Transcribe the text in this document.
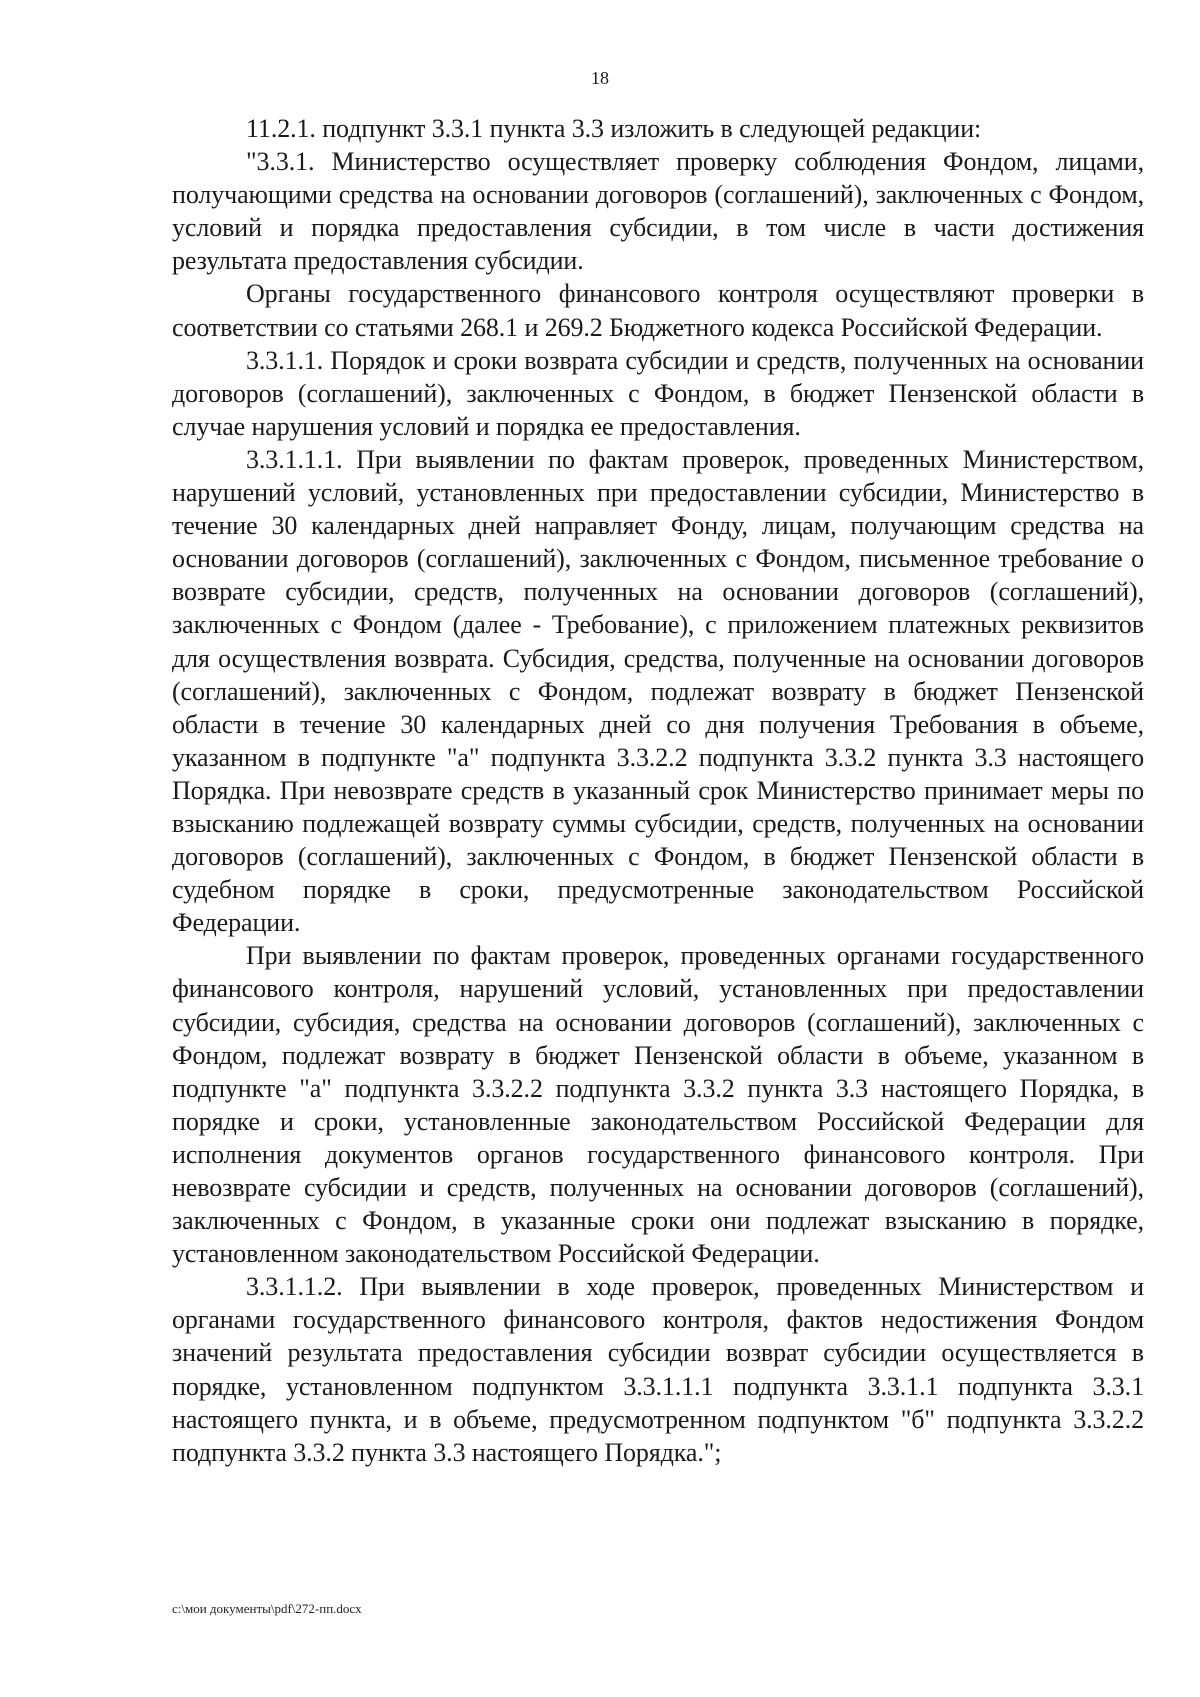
18

11.2.1. подпункт 3.3.1 пункта 3.3 изложить в следующей редакции:

"3.3.1. Министерство осуществляет проверку соблюдения Фондом, лицами, получающими средства на основании договоров (соглашений), заключенных с Фондом, условий и порядка предоставления субсидии, в том числе в части достижения результата предоставления субсидии.

Органы государственного финансового контроля осуществляют проверки в соответствии со статьями 268.1 и 269.2 Бюджетного кодекса Российской Федерации.

3.3.1.1. Порядок и сроки возврата субсидии и средств, полученных на основании договоров (соглашений), заключенных с Фондом, в бюджет Пензенской области в случае нарушения условий и порядка ее предоставления.

3.3.1.1.1. При выявлении по фактам проверок, проведенных Министерством, нарушений условий, установленных при предоставлении субсидии, Министерство в течение 30 календарных дней направляет Фонду, лицам, получающим средства на основании договоров (соглашений), заключенных с Фондом, письменное требование о возврате субсидии, средств, полученных на основании договоров (соглашений), заключенных с Фондом (далее - Требование), с приложением платежных реквизитов для осуществления возврата. Субсидия, средства, полученные на основании договоров (соглашений), заключенных с Фондом, подлежат возврату в бюджет Пензенской области в течение 30 календарных дней со дня получения Требования в объеме, указанном в подпункте "а" подпункта 3.3.2.2 подпункта 3.3.2 пункта 3.3 настоящего Порядка. При невозврате средств в указанный срок Министерство принимает меры по взысканию подлежащей возврату суммы субсидии, средств, полученных на основании договоров (соглашений), заключенных с Фондом, в бюджет Пензенской области в судебном порядке в сроки, предусмотренные законодательством Российской Федерации.

При выявлении по фактам проверок, проведенных органами государственного финансового контроля, нарушений условий, установленных при предоставлении субсидии, субсидия, средства на основании договоров (соглашений), заключенных с Фондом, подлежат возврату в бюджет Пензенской области в объеме, указанном в подпункте "а" подпункта 3.3.2.2 подпункта 3.3.2 пункта 3.3 настоящего Порядка, в порядке и сроки, установленные законодательством Российской Федерации для исполнения документов органов государственного финансового контроля. При невозврате субсидии и средств, полученных на основании договоров (соглашений), заключенных с Фондом, в указанные сроки они подлежат взысканию в порядке, установленном законодательством Российской Федерации.

3.3.1.1.2. При выявлении в ходе проверок, проведенных Министерством и органами государственного финансового контроля, фактов недостижения Фондом значений результата предоставления субсидии возврат субсидии осуществляется в порядке, установленном подпунктом 3.3.1.1.1 подпункта 3.3.1.1 подпункта 3.3.1 настоящего пункта, и в объеме, предусмотренном подпунктом "б" подпункта 3.3.2.2 подпункта 3.3.2 пункта 3.3 настоящего Порядка.";

c:\мои документы\pdf\272-пп.docx
